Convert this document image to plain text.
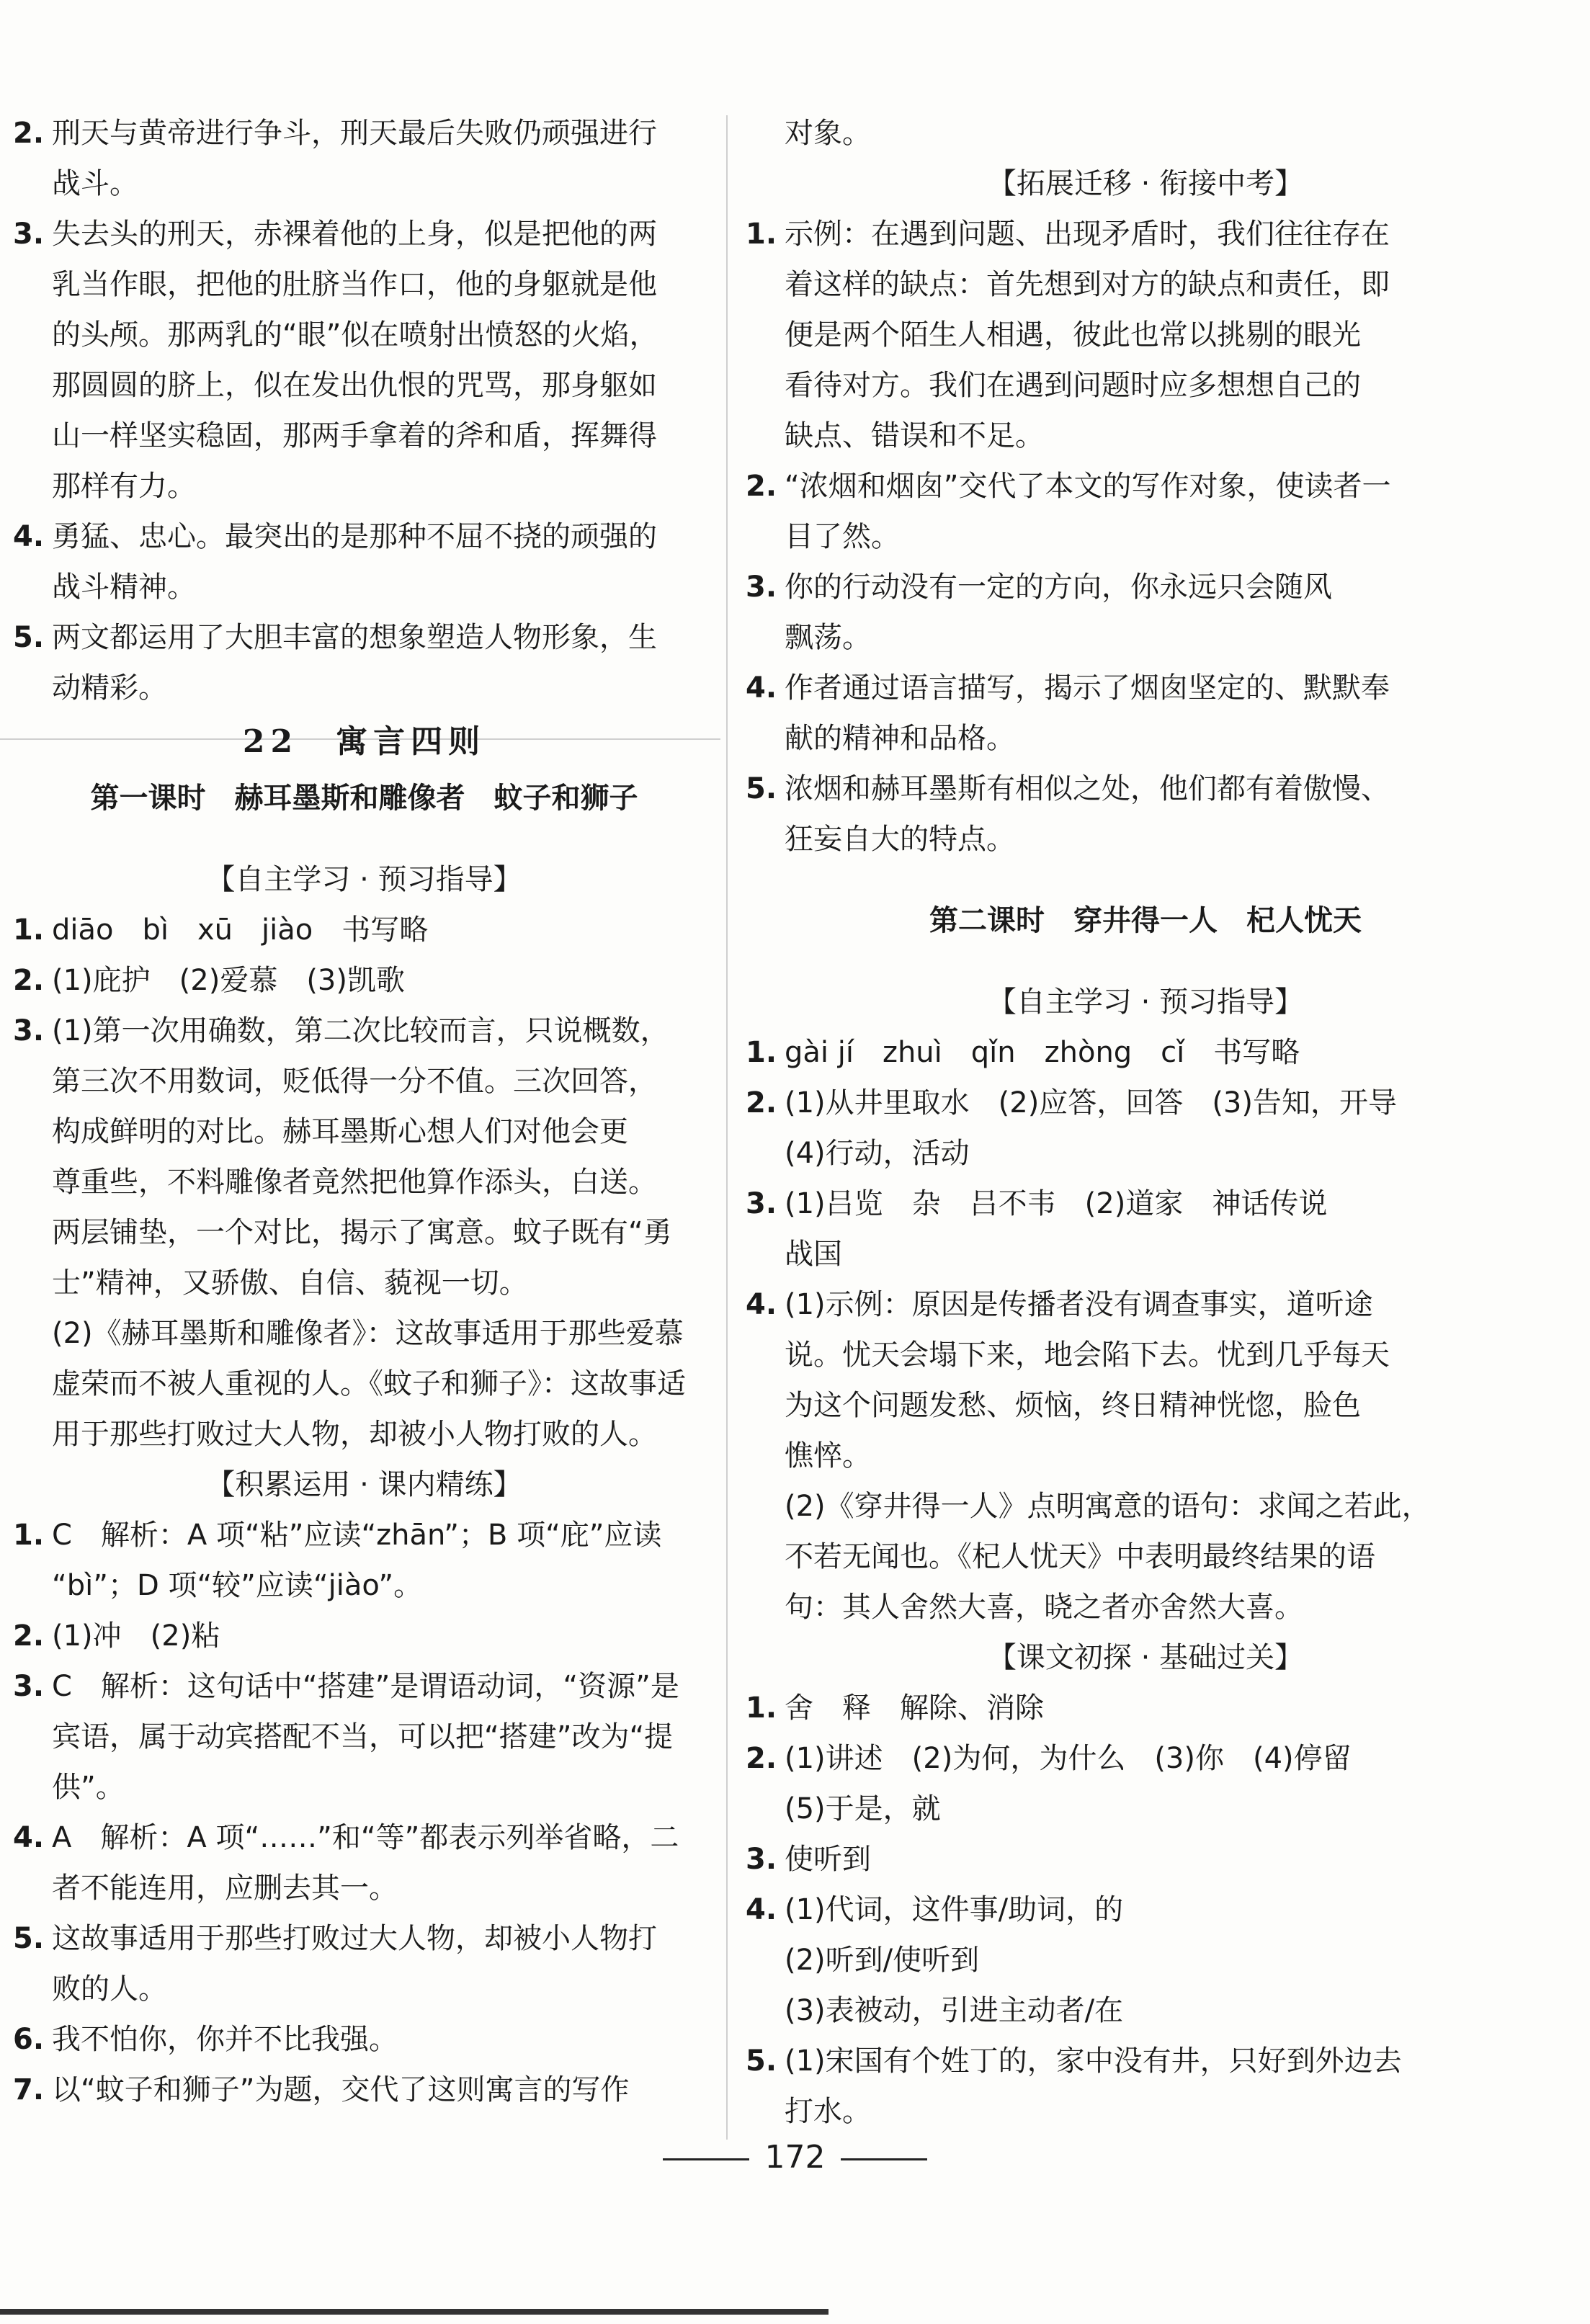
2. 刑天与黄帝进行争斗，刑天最后失败仍顽强进行
战斗。
3. 失去头的刑天，赤裸着他的上身，似是把他的两
乳当作眼，把他的肚脐当作口，他的身躯就是他
的头颅。那两乳的“眼”似在喷射出愤怒的火焰，
那圆圆的脐上，似在发出仇恨的咒骂，那身躯如
山一样坚实稳固，那两手拿着的斧和盾，挥舞得
那样有力。
4. 勇猛、忠心。最突出的是那种不屈不挠的顽强的
战斗精神。
5. 两文都运用了大胆丰富的想象塑造人物形象，生
动精彩。
22　寓言四则
第一课时　赫耳墨斯和雕像者　蚊子和狮子
【自主学习 · 预习指导】
1. diāo　bì　xū　jiào　书写略
2. (1)庇护　(2)爱慕　(3)凯歌
3. (1)第一次用确数，第二次比较而言，只说概数，
第三次不用数词，贬低得一分不值。三次回答，
构成鲜明的对比。赫耳墨斯心想人们对他会更
尊重些，不料雕像者竟然把他算作添头，白送。
两层铺垫，一个对比，揭示了寓意。蚊子既有“勇
士”精神，又骄傲、自信、藐视一切。
(2)《赫耳墨斯和雕像者》：这故事适用于那些爱慕
虚荣而不被人重视的人。《蚊子和狮子》：这故事适
用于那些打败过大人物，却被小人物打败的人。
【积累运用 · 课内精练】
1. C　解析：A 项“粘”应读“zhān”；B 项“庇”应读
“bì”；D 项“较”应读“jiào”。
2. (1)冲　(2)粘
3. C　解析：这句话中“搭建”是谓语动词，“资源”是
宾语，属于动宾搭配不当，可以把“搭建”改为“提
供”。
4. A　解析：A 项“……”和“等”都表示列举省略，二
者不能连用，应删去其一。
5. 这故事适用于那些打败过大人物，却被小人物打
败的人。
6. 我不怕你，你并不比我强。
7. 以“蚊子和狮子”为题，交代了这则寓言的写作
对象。
【拓展迁移 · 衔接中考】
1. 示例：在遇到问题、出现矛盾时，我们往往存在
着这样的缺点：首先想到对方的缺点和责任，即
便是两个陌生人相遇，彼此也常以挑剔的眼光
看待对方。我们在遇到问题时应多想想自己的
缺点、错误和不足。
2. “浓烟和烟囱”交代了本文的写作对象，使读者一
目了然。
3. 你的行动没有一定的方向，你永远只会随风
飘荡。
4. 作者通过语言描写，揭示了烟囱坚定的、默默奉
献的精神和品格。
5. 浓烟和赫耳墨斯有相似之处，他们都有着傲慢、
狂妄自大的特点。
第二课时　穿井得一人　杞人忧天
【自主学习 · 预习指导】
1. gài jí　zhuì　qǐn　zhòng　cǐ　书写略
2. (1)从井里取水　(2)应答，回答　(3)告知，开导
(4)行动，活动
3. (1)吕览　杂　吕不韦　(2)道家　神话传说
战国
4. (1)示例：原因是传播者没有调查事实，道听途
说。忧天会塌下来，地会陷下去。忧到几乎每天
为这个问题发愁、烦恼，终日精神恍惚，脸色
憔悴。
(2)《穿井得一人》点明寓意的语句：求闻之若此，
不若无闻也。《杞人忧天》中表明最终结果的语
句：其人舍然大喜，晓之者亦舍然大喜。
【课文初探 · 基础过关】
1. 舍　释　解除、消除
2. (1)讲述　(2)为何，为什么　(3)你　(4)停留
(5)于是，就
3. 使听到
4. (1)代词，这件事/助词，的
(2)听到/使听到
(3)表被动，引进主动者/在
5. (1)宋国有个姓丁的，家中没有井，只好到外边去
打水。
172
